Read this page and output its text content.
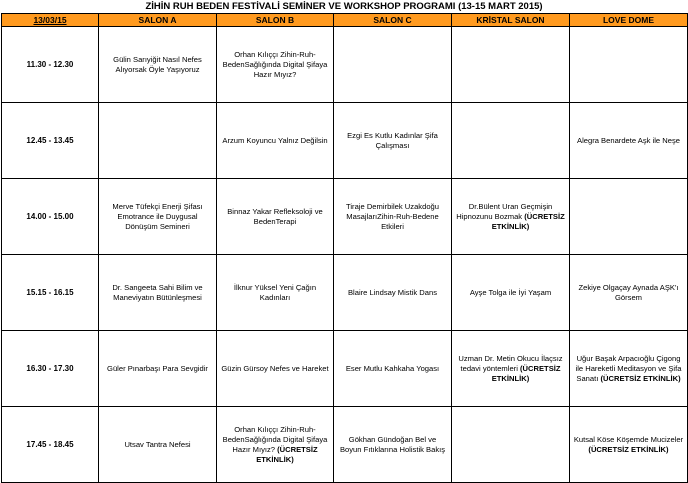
ZİHİN RUH BEDEN FESTİVALİ SEMİNER VE WORKSHOP PROGRAMI (13-15 MART 2015)
13/03/15	SALON A	SALON B	SALON C	KRİSTAL SALON	LOVE DOME
11.30 - 12.30	Gülin Sarıyiğit Nasıl Nefes Alıyorsak Öyle Yaşıyoruz	Orhan Kılıççı Zihin-Ruh-BedenSağlığında Digital Şifaya Hazır Mıyız?			
12.45 - 13.45		Arzum Koyuncu Yalnız Değilsin	Ezgi Es Kutlu Kadınlar Şifa Çalışması		Alegra Benardete Aşk ile Neşe
14.00 - 15.00	Merve Tüfekçi Enerji Şifası Emotrance ile Duygusal Dönüşüm Semineri	Binnaz Yakar Refleksoloji ve BedenTerapi	Tiraje Demirbilek Uzakdoğu MasajlarıZihin-Ruh-Bedene Etkileri	Dr.Bülent Uran Geçmişin Hipnozunu Bozmak (ÜCRETSİZ ETKİNLİK)	
15.15 - 16.15	Dr. Sangeeta Sahi Bilim ve Maneviyatın Bütünleşmesi	İlknur Yüksel Yeni Çağın Kadınları	Blaire Lindsay Mistik Dans	Ayşe Tolga ile İyi Yaşam	Zekiye Olgaçay Aynada AŞK'ı Görsem
16.30 - 17.30	Güler Pınarbaşı Para Sevgidir	Güzin Gürsoy Nefes ve Hareket	Eser Mutlu Kahkaha Yogası	Uzman Dr. Metin Okucu İlaçsız tedavi yöntemleri (ÜCRETSİZ ETKİNLİK)	Uğur Başak Arpacıoğlu Çigong ile Hareketli Meditasyon ve Şifa Sanatı (ÜCRETSİZ ETKİNLİK)
17.45 - 18.45	Utsav Tantra Nefesi	Orhan Kılıççı Zihin-Ruh-BedenSağlığında Digital Şifaya Hazır Mıyız? (ÜCRETSİZ ETKİNLİK)	Gökhan Gündoğan Bel ve Boyun Fıtıklarına Holistik Bakış		Kutsal Köse Köşemde Mucizeler (ÜCRETSİZ ETKİNLİK)
